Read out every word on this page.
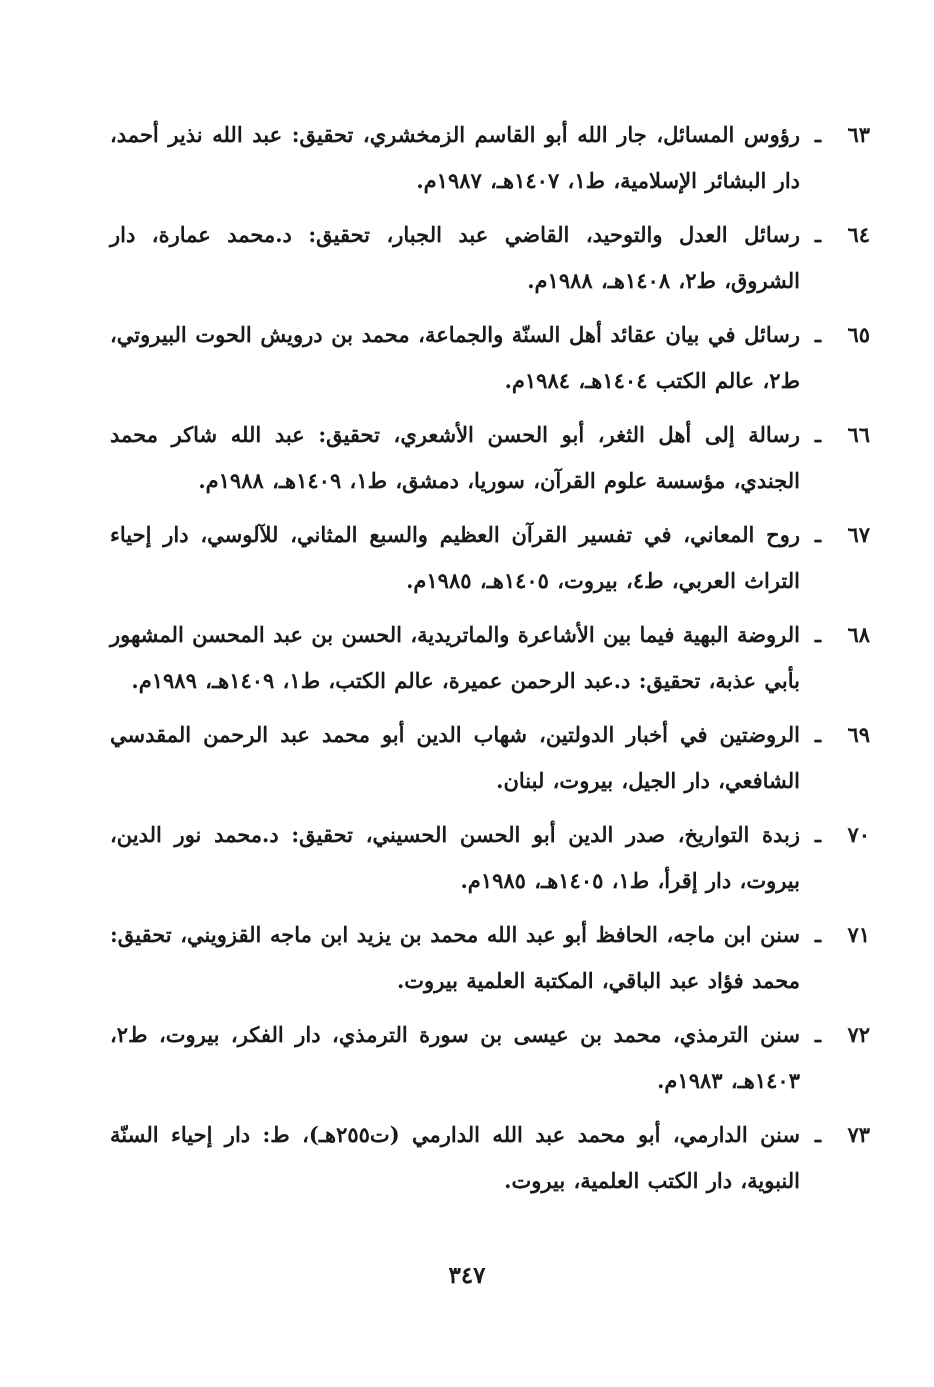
٦٣
ـ
رؤوس المسائل، جار الله أبو القاسم الزمخشري، تحقيق: عبد الله نذير أحمد، دار البشائر الإسلامية، ط١، ١٤٠٧هـ، ١٩٨٧م.
٦٤
ـ
رسائل العدل والتوحيد، القاضي عبد الجبار، تحقيق: د.محمد عمارة، دار الشروق، ط٢، ١٤٠٨هـ، ١٩٨٨م.
٦٥
ـ
رسائل في بيان عقائد أهل السنّة والجماعة، محمد بن درويش الحوت البيروتي، ط٢، عالم الكتب ١٤٠٤هـ، ١٩٨٤م.
٦٦
ـ
رسالة إلى أهل الثغر، أبو الحسن الأشعري، تحقيق: عبد الله شاكر محمد الجندي، مؤسسة علوم القرآن، سوريا، دمشق، ط١، ١٤٠٩هـ، ١٩٨٨م.
٦٧
ـ
روح المعاني، في تفسير القرآن العظيم والسبع المثاني، للآلوسي، دار إحياء التراث العربي، ط٤، بيروت، ١٤٠٥هـ، ١٩٨٥م.
٦٨
ـ
الروضة البهية فيما بين الأشاعرة والماتريدية، الحسن بن عبد المحسن المشهور بأبي عذبة، تحقيق: د.عبد الرحمن عميرة، عالم الكتب، ط١، ١٤٠٩هـ، ١٩٨٩م.
٦٩
ـ
الروضتين في أخبار الدولتين، شهاب الدين أبو محمد عبد الرحمن المقدسي الشافعي، دار الجيل، بيروت، لبنان.
٧٠
ـ
زبدة التواريخ، صدر الدين أبو الحسن الحسيني، تحقيق: د.محمد نور الدين، بيروت، دار إقرأ، ط١، ١٤٠٥هـ، ١٩٨٥م.
٧١
ـ
سنن ابن ماجه، الحافظ أبو عبد الله محمد بن يزيد ابن ماجه القزويني، تحقيق: محمد فؤاد عبد الباقي، المكتبة العلمية بيروت.
٧٢
ـ
سنن الترمذي، محمد بن عيسى بن سورة الترمذي، دار الفكر، بيروت، ط٢، ١٤٠٣هـ، ١٩٨٣م.
٧٣
ـ
سنن الدارمي، أبو محمد عبد الله الدارمي (ت٢٥٥هـ)، ط: دار إحياء السنّة النبوية، دار الكتب العلمية، بيروت.
٣٤٧
